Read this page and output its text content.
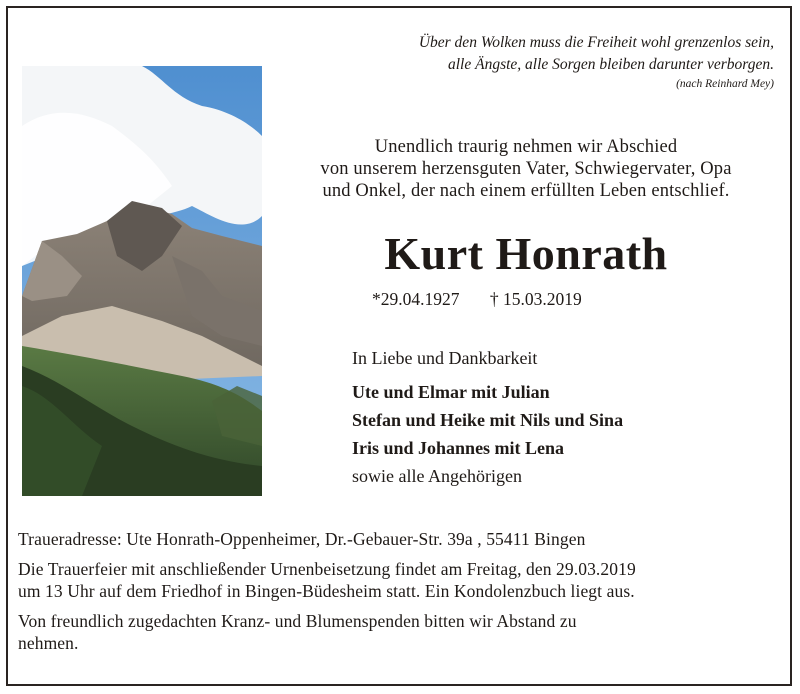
Über den Wolken muss die Freiheit wohl grenzenlos sein,
alle Ängste, alle Sorgen bleiben darunter verborgen.
(nach Reinhard Mey)
Unendlich traurig nehmen wir Abschied
von unserem herzensguten Vater, Schwiegervater, Opa
und Onkel, der nach einem erfüllten Leben entschlief.
Kurt Honrath
*29.04.1927 † 15.03.2019
In Liebe und Dankbarkeit
Ute und Elmar mit Julian
Stefan und Heike mit Nils und Sina
Iris und Johannes mit Lena
sowie alle Angehörigen

Traueradresse: Ute Honrath-Oppenheimer, Dr.-Gebauer-Str. 39a , 55411 Bingen

Die Trauerfeier mit anschließender Urnenbeisetzung findet am Freitag, den 29.03.2019
um 13 Uhr auf dem Friedhof in Bingen-Büdesheim statt. Ein Kondolenzbuch liegt aus.

Von freundlich zugedachten Kranz- und Blumenspenden bitten wir Abstand zu
nehmen.
